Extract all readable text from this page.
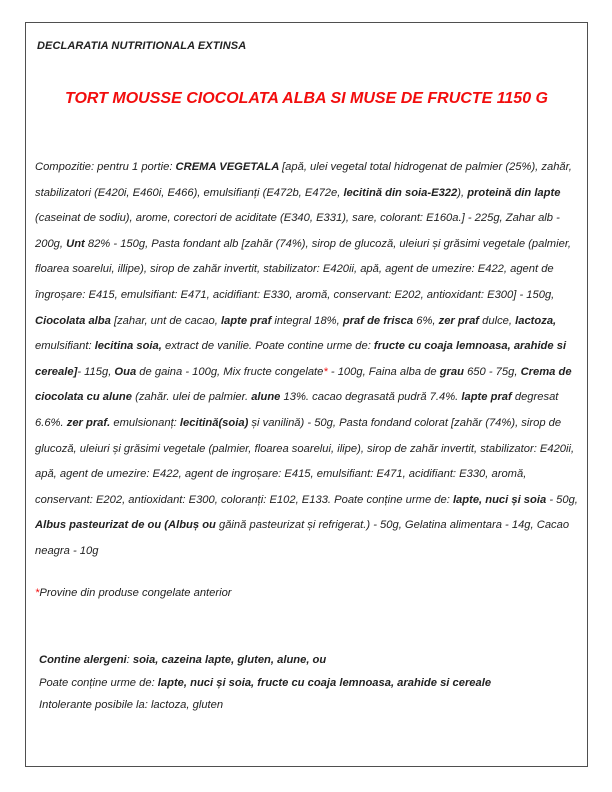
DECLARATIA NUTRITIONALA EXTINSA
TORT MOUSSE CIOCOLATA ALBA SI MUSE DE FRUCTE 1150 G

Compozitie: pentru 1 portie: CREMA VEGETALA [apă, ulei vegetal total hidrogenat de palmier (25%), zahăr, stabilizatori (E420i, E460i, E466), emulsifianți (E472b, E472e, lecitină din soia-E322), proteină din lapte (caseinat de sodiu), arome, corectori de aciditate (E340, E331), sare, colorant: E160a.] - 225g, Zahar alb - 200g, Unt 82% - 150g, Pasta fondant alb [zahăr (74%), sirop de glucoză, uleiuri și grăsimi vegetale (palmier, floarea soarelui, illipe), sirop de zahăr invertit, stabilizator: E420ii, apă, agent de umezire: E422, agent de îngroșare: E415, emulsifiant: E471, acidifiant: E330, aromă, conservant: E202, antioxidant: E300] - 150g, Ciocolata alba [zahar, unt de cacao, lapte praf integral 18%, praf de frisca 6%, zer praf dulce, lactoza, emulsifiant: lecitina soia, extract de vanilie. Poate contine urme de: fructe cu coaja lemnoasa, arahide si cereale]- 115g, Oua de gaina - 100g, Mix fructe congelate* - 100g, Faina alba de grau 650 - 75g, Crema de ciocolata cu alune (zahăr. ulei de palmier. alune 13%. cacao degrasată pudră 7.4%. lapte praf degresat 6.6%. zer praf. emulsionanț: lecitină(soia) și vanilină) - 50g, Pasta fondand colorat [zahăr (74%), sirop de glucoză, uleiuri și grăsimi vegetale (palmier, floarea soarelui, ilipe), sirop de zahăr invertit, stabilizator: E420ii, apă, agent de umezire: E422, agent de ingroșare: E415, emulsifiant: E471, acidifiant: E330, aromă, conservant: E202, antioxidant: E300, coloranți: E102, E133. Poate conține urme de: lapte, nuci și soia - 50g, Albus pasteurizat de ou (Albuș ou găină pasteurizat și refrigerat.) - 50g, Gelatina alimentara - 14g, Cacao neagra - 10g

*Provine din produse congelate anterior

Contine alergeni: soia, cazeina lapte, gluten, alune, ou

Poate conține urme de: lapte, nuci și soia, fructe cu coaja lemnoasa, arahide si cereale

Intolerante posibile la: lactoza, gluten
